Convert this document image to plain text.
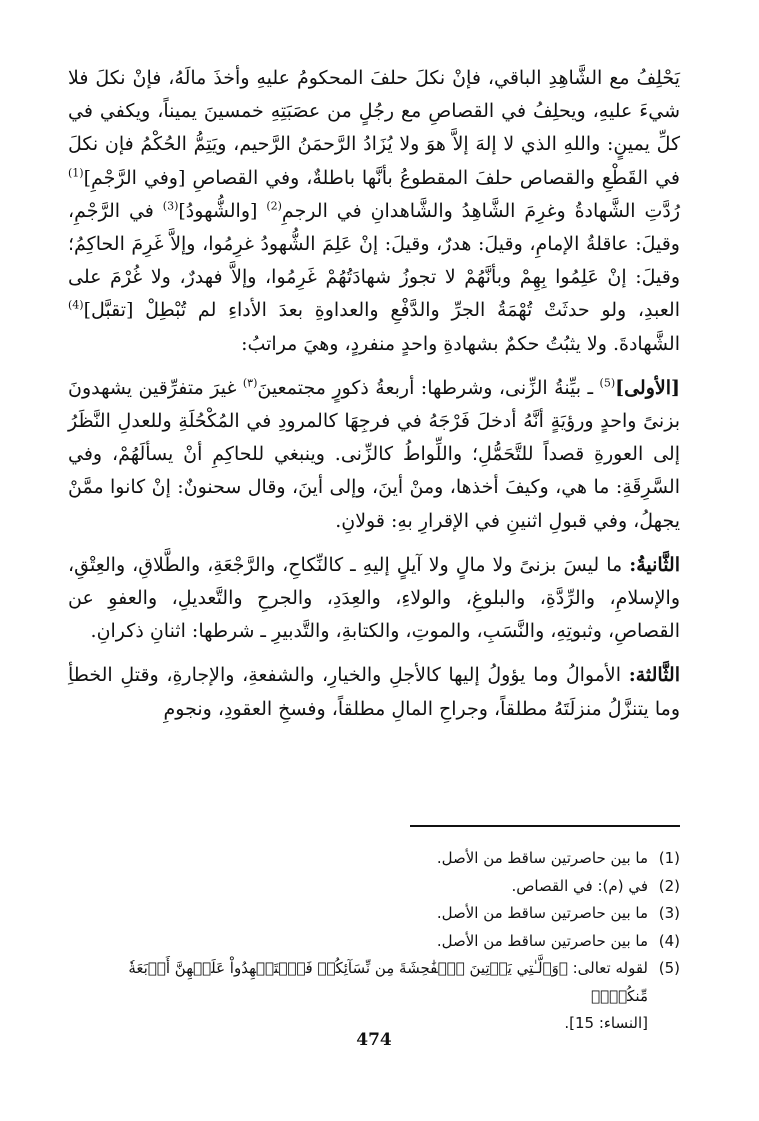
يَحْلِفُ مع الشَّاهِدِ الباقي، فإنْ نكلَ حلفَ المحكومُ عليهِ وأخذَ مالَهُ، فإنْ نكلَ فلا شيءَ عليهِ، ويحلِفُ في القصاصِ مع رجُلٍ من عصَبَتِهِ خمسينَ يميناً، ويكفي في كلِّ يمينٍ: واللهِ الذي لا إلهَ إلاَّ هوَ ولا يُزَادُ الرَّحمَنُ الرَّحيم، ويَتِمُّ الحُكْمُ فإن نكلَ في القَطْعِ والقصاص حلفَ المقطوعُ بأنَّها باطلةٌ، وفي القصاصِ [وفي الرَّجْمِ]$^{(1)}$ رُدَّتِ الشَّهادةُ وغرِمَ الشَّاهِدُ والشَّاهدانِ في الرجمِ$^{(2)}$ [والشُّهودُ]$^{(3)}$ في الرَّجْمِ، وقيلَ: عاقلةُ الإمامِ، وقيلَ: هدرٌ، وقيلَ: إنْ عَلِمَ الشُّهودُ غرِمُوا، وإلاَّ غَرِمَ الحاكِمُ؛ وقيلَ: إنْ عَلِمُوا بِهِمْ وبأنَّهُمْ لا تجوزُ شهادَتُهُمْ غَرِمُوا، وإلاَّ فهدرٌ، ولا غُرْمَ على العبدِ، ولو حدثَتْ تُهْمَةُ الجرِّ والدَّفْعِ والعداوةِ بعدَ الأداءِ لم تُبْطِلْ [تقبَّل]$^{(4)}$ الشَّهادةَ. ولا يثبُتُ حكمٌ بشهادةِ واحدٍ منفردٍ، وهيَ مراتبُ:

[الأولى]$^{(5)}$ ـ بيِّنةُ الزِّنى، وشرطها: أربعةُ ذكورٍ مجتمعينَ$^{(٣)}$ غيرَ متفرِّقين يشهدونَ بزنىً واحدٍ ورؤيَةٍ أنَّهُ أدخلَ فَرْجَهُ في فرجِهَا كالمرودِ في المُكْحُلَةِ وللعدلِ النَّظَرُ إلى العورةِ قصداً للتَّحَمُّلِ؛ واللِّواطُ كالزِّنى. وينبغي للحاكِمِ أنْ يسألَهُمْ، وفي السَّرِقَةِ: ما هي، وكيفَ أخذها، ومنْ أينَ، وإلى أينَ، وقال سحنونٌ: إنْ كانوا ممَّنْ يجهلُ، وفي قبولِ اثنينِ في الإقرارِ بهِ: قولانِ.

الثَّانيةُ: ما ليسَ بزنىً ولا مالٍ ولا آيلٍ إليهِ ـ كالنِّكاحِ، والرَّجْعَةِ، والطَّلاقِ، والعِتْقِ، والإسلامِ، والرِّدَّةِ، والبلوغِ، والولاءِ، والعِدَدِ، والجرحِ والتَّعديلِ، والعفوِ عن القصاصِ، وثبوتِهِ، والنَّسَبِ، والموتِ، والكتابةِ، والتَّدبيرِ ـ شرطها: اثنانِ ذكرانِ.

الثَّالثة: الأموالُ وما يؤولُ إليها كالأجلِ والخيارِ، والشفعةِ، والإجارةِ، وقتلِ الخطأِ وما يتنزَّلُ منزلَتَهُ مطلقاً، وجراحِ المالِ مطلقاً، وفسخِ العقودِ، ونجومِ

(1)
ما بين حاصرتين ساقط من الأصل.
(2)
في (م): في القصاص.
(3)
ما بين حاصرتين ساقط من الأصل.
(4)
ما بين حاصرتين ساقط من الأصل.
(5)
لقوله تعالى: ﴿وَٱلَّـٰتِي يَأۡتِينَ ٱلۡفَٰحِشَةَ مِن نِّسَآئِكُمۡ فَٱسۡتَشۡهِدُواْ عَلَيۡهِنَّ أَرۡبَعَةٗ مِّنكُمۡۖ﴾
[النساء: 15].
474
